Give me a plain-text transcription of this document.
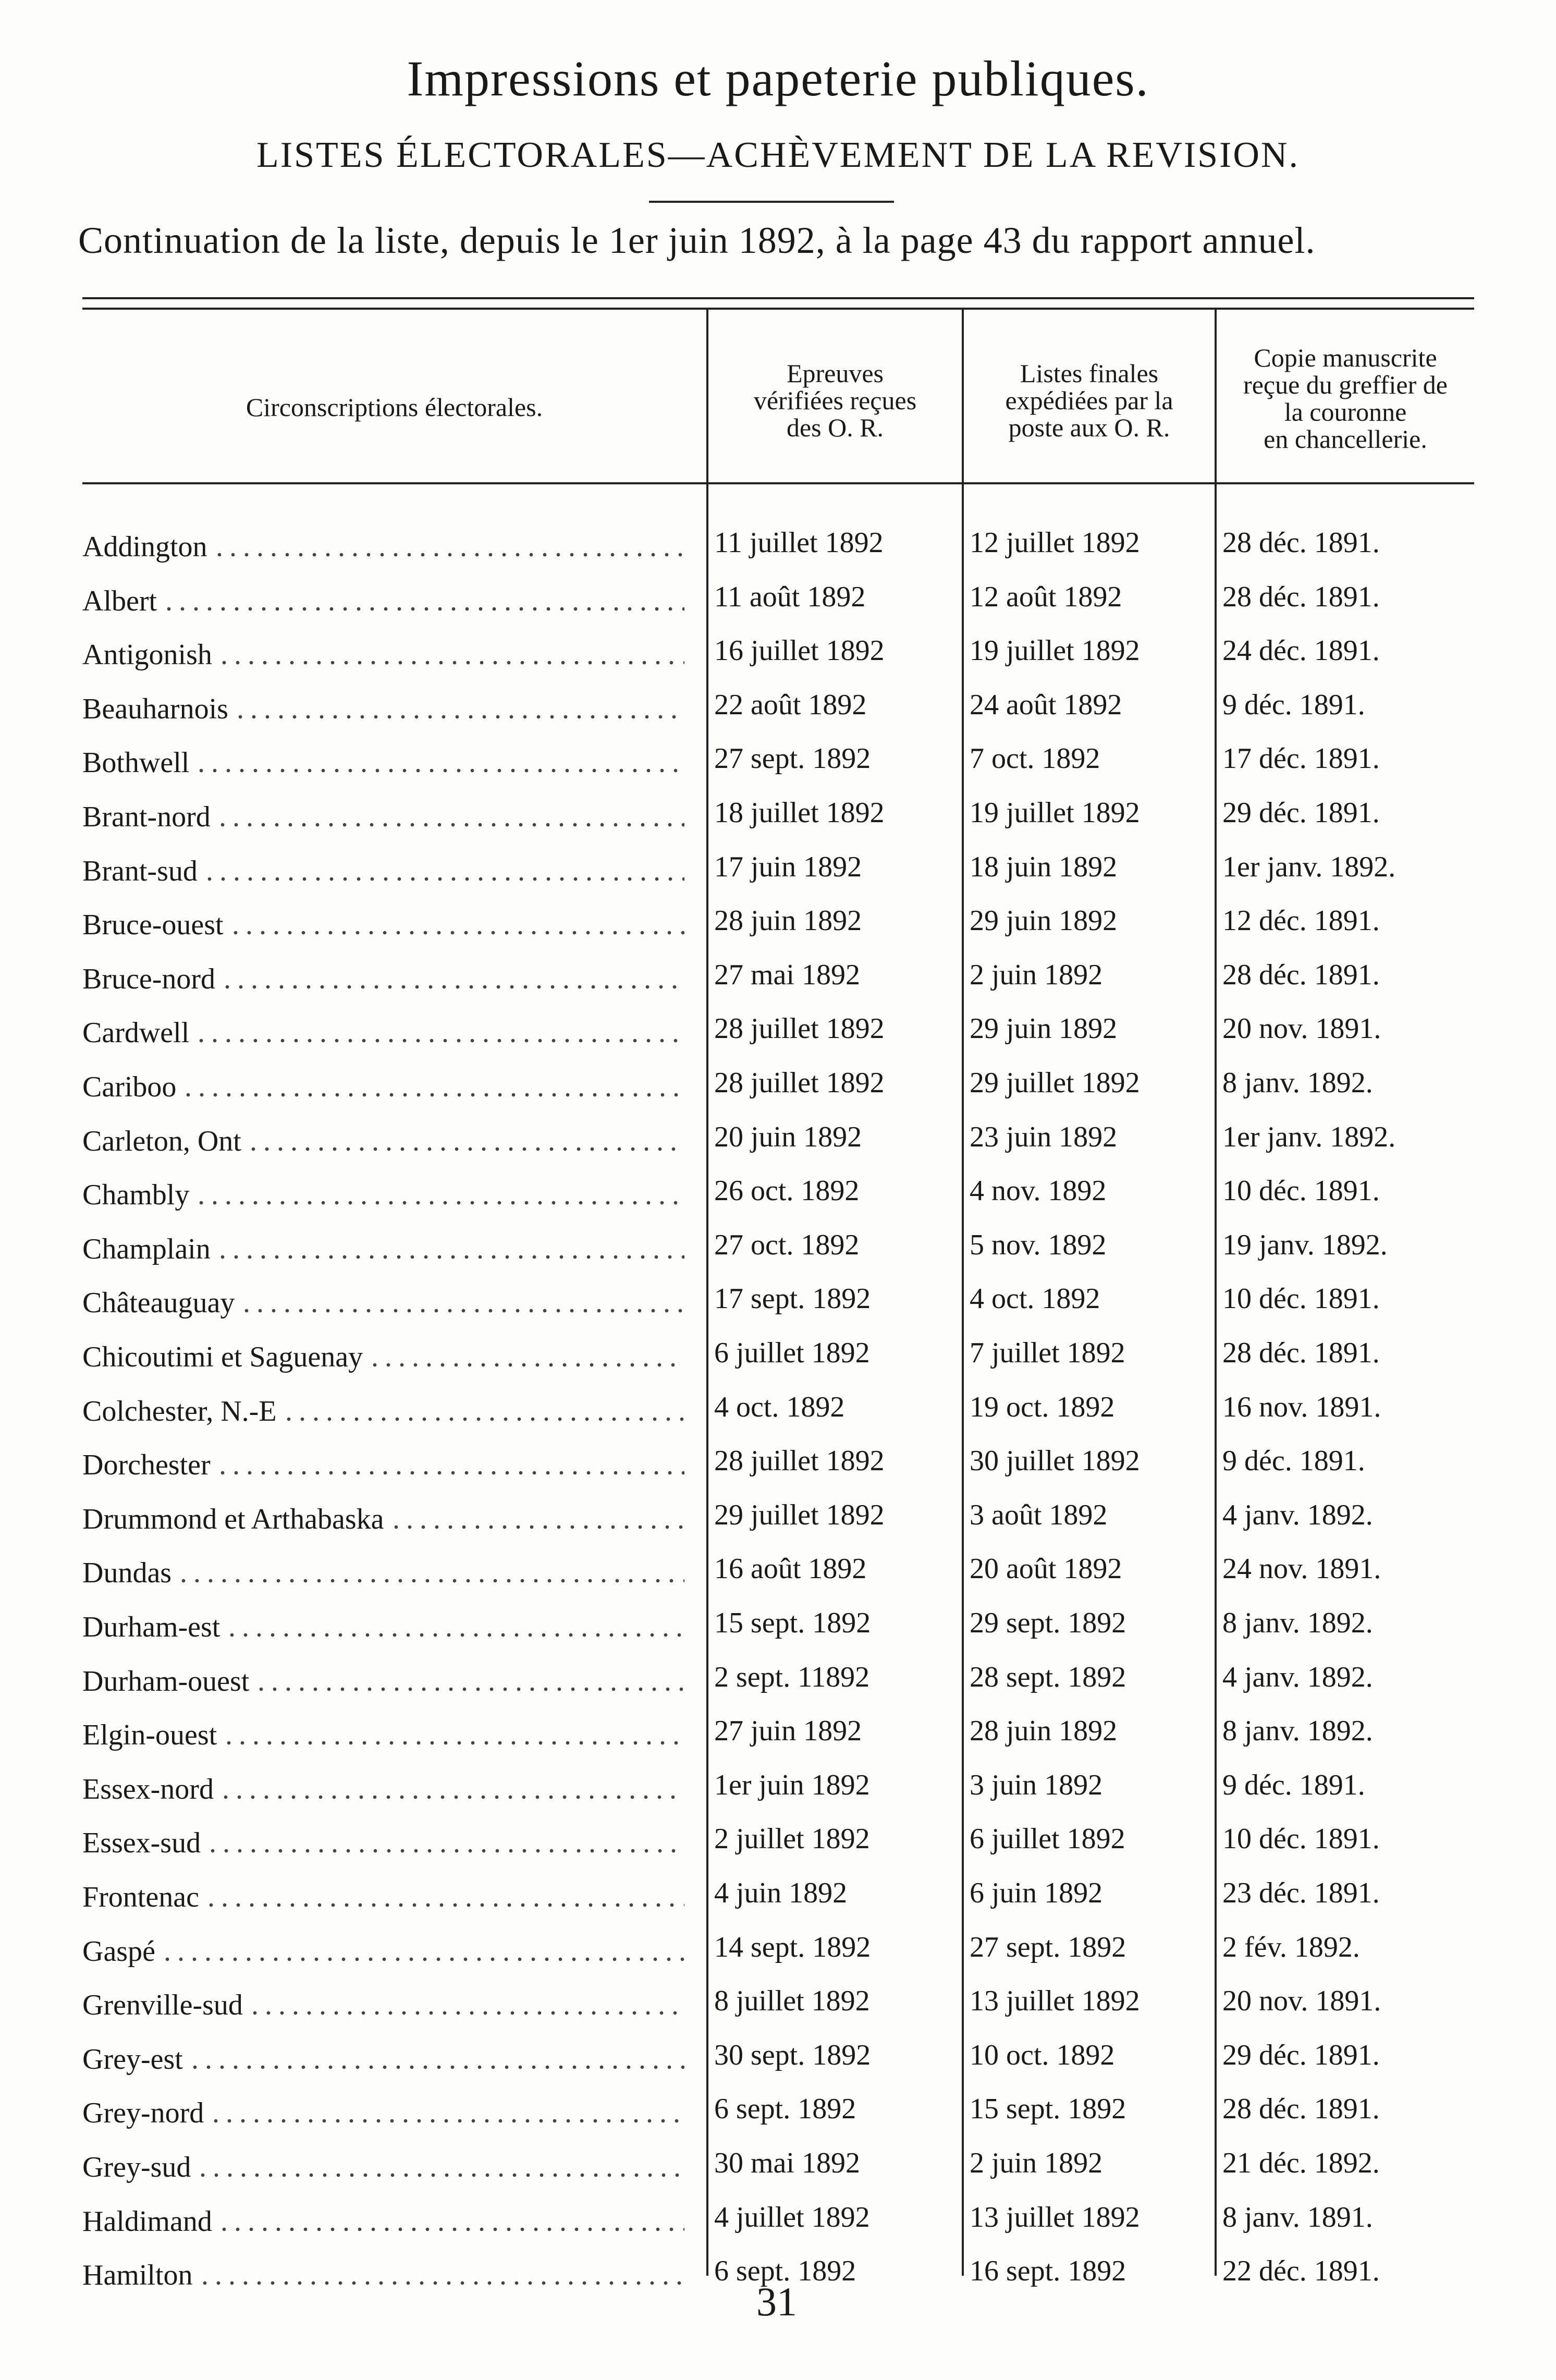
Impressions et papeterie publiques.
LISTES ÉLECTORALES—ACHÈVEMENT DE LA REVISION.
Continuation de la liste, depuis le 1er juin 1892, à la page 43 du rapport annuel.
Circonscriptions électorales.
Epreuves
vérifiées reçues
des O. R.
Listes finales
expédiées par la
poste aux O. R.
Copie manuscrite
reçue du greffier de
la couronne
en chancellerie.
Addington	11 juillet 1892	12 juillet 1892	28 déc. 1891.
Albert	11 août 1892	12 août 1892	28 déc. 1891.
Antigonish	16 juillet 1892	19 juillet 1892	24 déc. 1891.
Beauharnois	22 août 1892	24 août 1892	9 déc. 1891.
Bothwell	27 sept. 1892	7 oct. 1892	17 déc. 1891.
Brant-nord	18 juillet 1892	19 juillet 1892	29 déc. 1891.
Brant-sud	17 juin 1892	18 juin 1892	1er janv. 1892.
Bruce-ouest	28 juin 1892	29 juin 1892	12 déc. 1891.
Bruce-nord	27 mai 1892	2 juin 1892	28 déc. 1891.
Cardwell	28 juillet 1892	29 juin 1892	20 nov. 1891.
Cariboo	28 juillet 1892	29 juillet 1892	8 janv. 1892.
Carleton, Ont	20 juin 1892	23 juin 1892	1er janv. 1892.
Chambly	26 oct. 1892	4 nov. 1892	10 déc. 1891.
Champlain	27 oct. 1892	5 nov. 1892	19 janv. 1892.
Châteauguay	17 sept. 1892	4 oct. 1892	10 déc. 1891.
Chicoutimi et Saguenay	6 juillet 1892	7 juillet 1892	28 déc. 1891.
Colchester, N.-E	4 oct. 1892	19 oct. 1892	16 nov. 1891.
Dorchester	28 juillet 1892	30 juillet 1892	9 déc. 1891.
Drummond et Arthabaska	29 juillet 1892	3 août 1892	4 janv. 1892.
Dundas	16 août 1892	20 août 1892	24 nov. 1891.
Durham-est	15 sept. 1892	29 sept. 1892	8 janv. 1892.
Durham-ouest	2 sept. 11892	28 sept. 1892	4 janv. 1892.
Elgin-ouest	27 juin 1892	28 juin 1892	8 janv. 1892.
Essex-nord	1er juin 1892	3 juin 1892	9 déc. 1891.
Essex-sud	2 juillet 1892	6 juillet 1892	10 déc. 1891.
Frontenac	4 juin 1892	6 juin 1892	23 déc. 1891.
Gaspé	14 sept. 1892	27 sept. 1892	2 fév. 1892.
Grenville-sud	8 juillet 1892	13 juillet 1892	20 nov. 1891.
Grey-est	30 sept. 1892	10 oct. 1892	29 déc. 1891.
Grey-nord	6 sept. 1892	15 sept. 1892	28 déc. 1891.
Grey-sud	30 mai 1892	2 juin 1892	21 déc. 1892.
Haldimand	4 juillet 1892	13 juillet 1892	8 janv. 1891.
Hamilton	6 sept. 1892	16 sept. 1892	22 déc. 1891.
31
